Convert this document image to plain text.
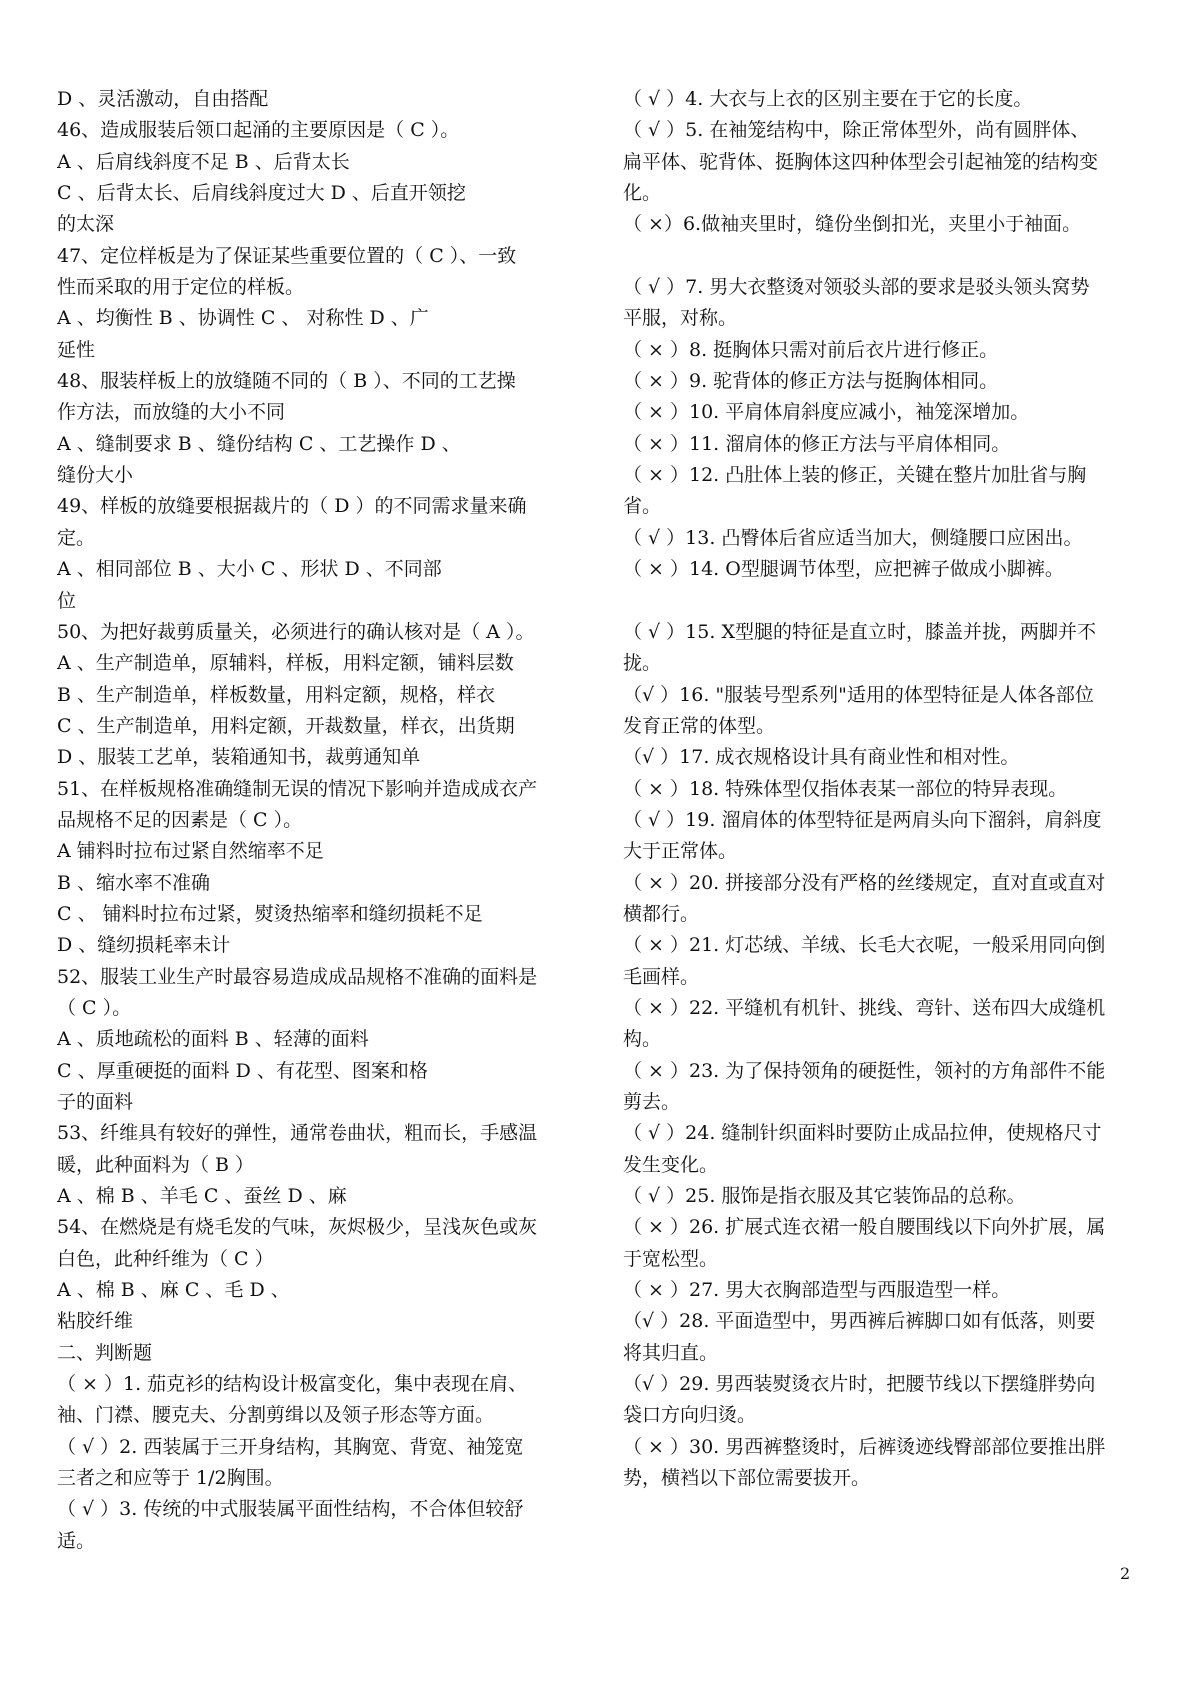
D 、灵活激动，自由搭配
46、造成服装后领口起涌的主要原因是（ C ）。
A 、后肩线斜度不足 B 、后背太长
C 、后背太长、后肩线斜度过大 D 、后直开领挖
的太深
47、定位样板是为了保证某些重要位置的（ C ）、一致
性而采取的用于定位的样板。
A 、均衡性 B 、协调性 C 、 对称性 D 、广
延性
48、服装样板上的放缝随不同的（ B ）、不同的工艺操
作方法，而放缝的大小不同
A 、缝制要求 B 、缝份结构 C 、工艺操作 D 、
缝份大小
49、样板的放缝要根据裁片的（ D ）的不同需求量来确
定。
A 、相同部位 B 、大小 C 、形状 D 、不同部
位
50、为把好裁剪质量关，必须进行的确认核对是（ A ）。
A 、生产制造单，原辅料，样板，用料定额，铺料层数
B 、生产制造单，样板数量，用料定额，规格，样衣
C 、生产制造单，用料定额，开裁数量，样衣，出货期
D 、服装工艺单，装箱通知书，裁剪通知单
51、在样板规格准确缝制无误的情况下影响并造成成衣产
品规格不足的因素是（ C ）。
A 铺料时拉布过紧自然缩率不足
B 、缩水率不准确
C 、 铺料时拉布过紧，熨烫热缩率和缝纫损耗不足
D 、缝纫损耗率未计
52、服装工业生产时最容易造成成品规格不准确的面料是
（ C ）。
A 、质地疏松的面料 B 、轻薄的面料
C 、厚重硬挺的面料 D 、有花型、图案和格
子的面料
53、纤维具有较好的弹性，通常卷曲状，粗而长，手感温
暖，此种面料为（ B ）
A 、棉 B 、羊毛 C 、蚕丝 D 、麻
54、在燃烧是有烧毛发的气味，灰烬极少，呈浅灰色或灰
白色，此种纤维为（ C ）
A 、棉 B 、麻 C 、毛 D 、
粘胶纤维
二、判断题
（ × ）1. 茄克衫的结构设计极富变化，集中表现在肩、
袖、门襟、腰克夫、分割剪缉以及领子形态等方面。
（ √ ）2. 西装属于三开身结构，其胸宽、背宽、袖笼宽
三者之和应等于 1/2胸围。
（ √ ）3. 传统的中式服装属平面性结构，不合体但较舒
适。
（ √ ）4. 大衣与上衣的区别主要在于它的长度。
（ √ ）5. 在袖笼结构中，除正常体型外，尚有圆胖体、
扁平体、驼背体、挺胸体这四种体型会引起袖笼的结构变
化。
（ ×）6.做袖夹里时，缝份坐倒扣光，夹里小于袖面。
（ √ ）7. 男大衣整烫对领驳头部的要求是驳头领头窝势
平服，对称。
（ × ）8. 挺胸体只需对前后衣片进行修正。
（ × ）9. 驼背体的修正方法与挺胸体相同。
（ × ）10. 平肩体肩斜度应减小，袖笼深增加。
（ × ）11. 溜肩体的修正方法与平肩体相同。
（ × ）12. 凸肚体上装的修正，关键在整片加肚省与胸
省。
（ √ ）13. 凸臀体后省应适当加大，侧缝腰口应困出。
（ × ）14. O型腿调节体型，应把裤子做成小脚裤。
（ √ ）15. X型腿的特征是直立时，膝盖并拢，两脚并不
拢。
（√ ）16. "服装号型系列"适用的体型特征是人体各部位
发育正常的体型。
（√ ）17. 成衣规格设计具有商业性和相对性。
（ × ）18. 特殊体型仅指体表某一部位的特异表现。
（ √ ）19. 溜肩体的体型特征是两肩头向下溜斜，肩斜度
大于正常体。
（ × ）20. 拼接部分没有严格的丝缕规定，直对直或直对
横都行。
（ × ）21. 灯芯绒、羊绒、长毛大衣呢，一般采用同向倒
毛画样。
（ × ）22. 平缝机有机针、挑线、弯针、送布四大成缝机
构。
（ × ）23. 为了保持领角的硬挺性，领衬的方角部件不能
剪去。
（ √ ）24. 缝制针织面料时要防止成品拉伸，使规格尺寸
发生变化。
（ √ ）25. 服饰是指衣服及其它装饰品的总称。
（ × ）26. 扩展式连衣裙一般自腰围线以下向外扩展，属
于宽松型。
（ × ）27. 男大衣胸部造型与西服造型一样。
（√ ）28. 平面造型中，男西裤后裤脚口如有低落，则要
将其归直。
（√ ）29. 男西装熨烫衣片时，把腰节线以下摆缝胖势向
袋口方向归烫。
（ × ）30. 男西裤整烫时，后裤烫迹线臀部部位要推出胖
势，横裆以下部位需要拔开。
2
